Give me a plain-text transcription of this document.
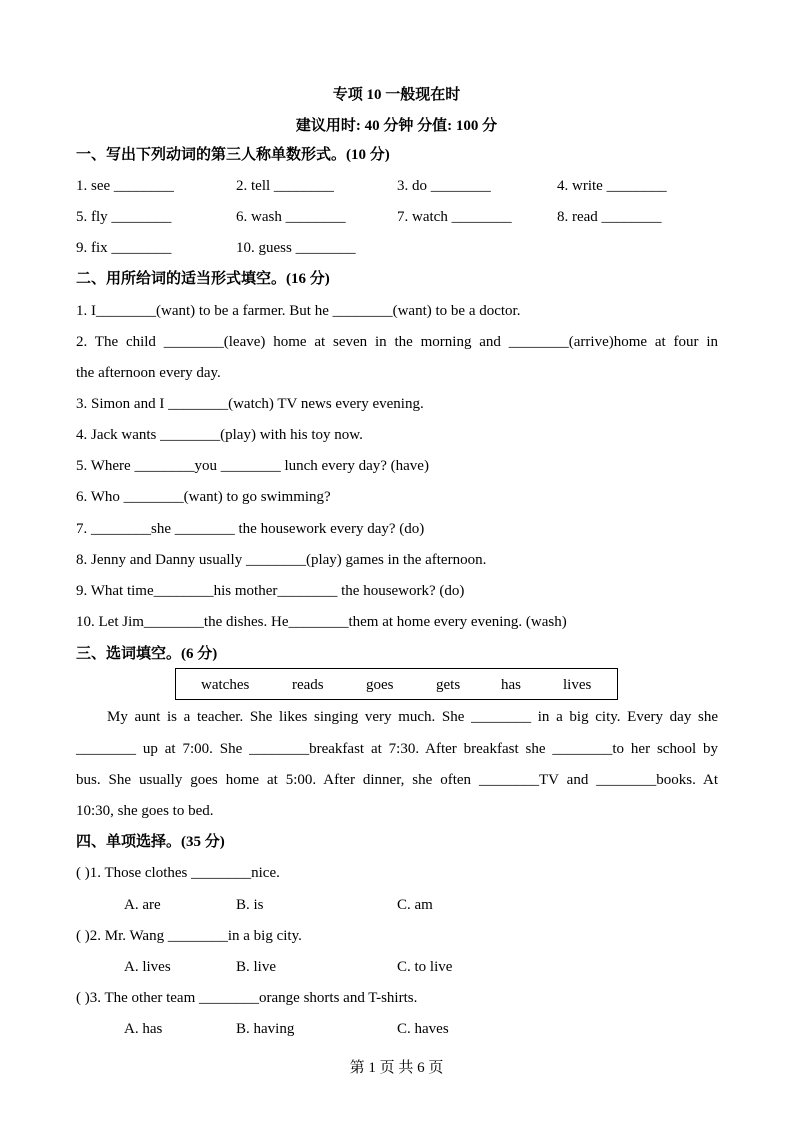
专项 10 一般现在时
建议用时: 40 分钟 分值: 100 分
一、写出下列动词的第三人称单数形式。(10 分)
1. see ________	2. tell ________	3. do ________	4. write ________
5. fly ________	6. wash ________	7. watch ________	8. read ________
9. fix ________	10. guess ________
二、用所给词的适当形式填空。(16 分)
1. I________(want) to be a farmer. But he ________(want) to be a doctor.
2. The child ________(leave) home at seven in the morning and ________(arrive)home at four in
the afternoon every day.
3. Simon and I ________(watch) TV news every evening.
4. Jack wants ________(play) with his toy now.
5. Where ________you ________ lunch every day? (have)
6. Who ________(want) to go swimming?
7. ________she ________ the housework every day? (do)
8. Jenny and Danny usually ________(play) games in the afternoon.
9. What time________his mother________ the housework? (do)
10. Let Jim________the dishes. He________them at home every evening. (wash)
三、选词填空。(6 分)
watches	reads	goes	gets	has	lives
My aunt is a teacher. She likes singing very much. She ________ in a big city. Every day she
________ up at 7:00. She ________breakfast at 7:30. After breakfast she ________to her school by
bus. She usually goes home at 5:00. After dinner, she often ________TV and ________books. At
10:30, she goes to bed.
四、单项选择。(35 分)
( )1. Those clothes ________nice.
A. are	B. is	C. am
( )2. Mr. Wang ________in a big city.
A. lives	B. live	C. to live
( )3. The other team ________orange shorts and T-shirts.
A. has	B. having	C. haves
第 1 页 共 6 页
